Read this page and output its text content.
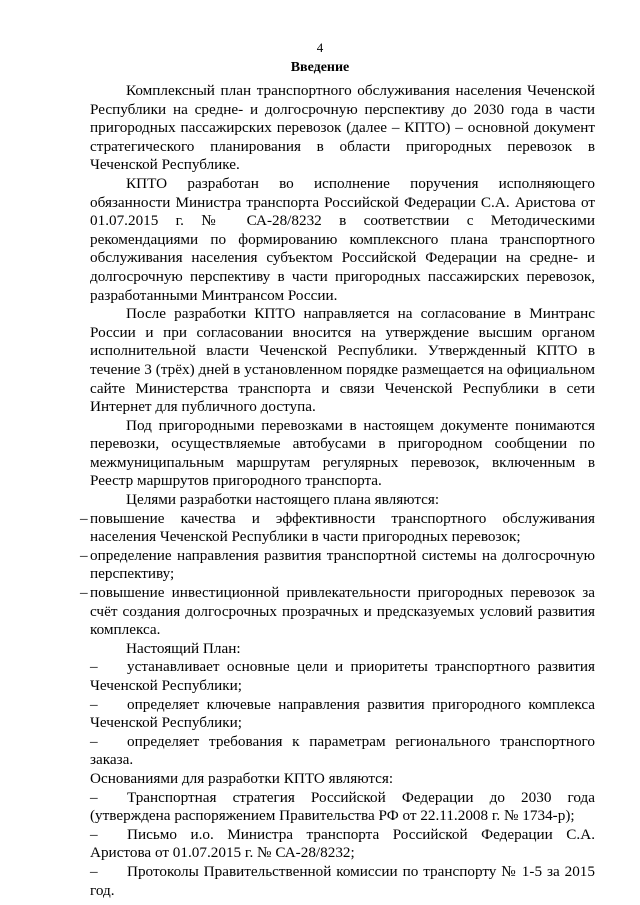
4
Введение

Комплексный план транспортного обслуживания населения Чеченской Республики на средне- и долгосрочную перспективу до 2030 года в части пригородных пассажирских перевозок (далее – КПТО) – основной документ стратегического планирования в области пригородных перевозок в Чеченской Республике.

КПТО разработан во исполнение поручения исполняющего обязанности Министра транспорта Российской Федерации С.А. Аристова от 01.07.2015 г. № СА-28/8232 в соответствии с Методическими рекомендациями по формированию комплексного плана транспортного обслуживания населения субъектом Российской Федерации на средне- и долгосрочную перспективу в части пригородных пассажирских перевозок, разработанными Минтрансом России.

После разработки КПТО направляется на согласование в Минтранс России и при согласовании вносится на утверждение высшим органом исполнительной власти Чеченской Республики. Утвержденный КПТО в течение 3 (трёх) дней в установленном порядке размещается на официальном сайте Министерства транспорта и связи Чеченской Республики в сети Интернет для публичного доступа.

Под пригородными перевозками в настоящем документе понимаются перевозки, осуществляемые автобусами в пригородном сообщении по межмуниципальным маршрутам регулярных перевозок, включенным в Реестр маршрутов пригородного транспорта.

Целями разработки настоящего плана являются:

– повышение качества и эффективности транспортного обслуживания населения Чеченской Республики в части пригородных перевозок;
– определение направления развития транспортной системы на долгосрочную перспективу;
– повышение инвестиционной привлекательности пригородных перевозок за счёт создания долгосрочных прозрачных и предсказуемых условий развития комплекса.

Настоящий План:

–	устанавливает основные цели и приоритеты транспортного развития Чеченской Республики;
–	определяет ключевые направления развития пригородного комплекса Чеченской Республики;
–	определяет требования к параметрам регионального транспортного заказа.

Основаниями для разработки КПТО являются:

–	Транспортная стратегия Российской Федерации до 2030 года (утверждена распоряжением Правительства РФ от 22.11.2008 г. № 1734-р);
–	Письмо и.о. Министра транспорта Российской Федерации С.А. Аристова от 01.07.2015 г. № СА-28/8232;
–	Протоколы Правительственной комиссии по транспорту № 1-5 за 2015 год.
